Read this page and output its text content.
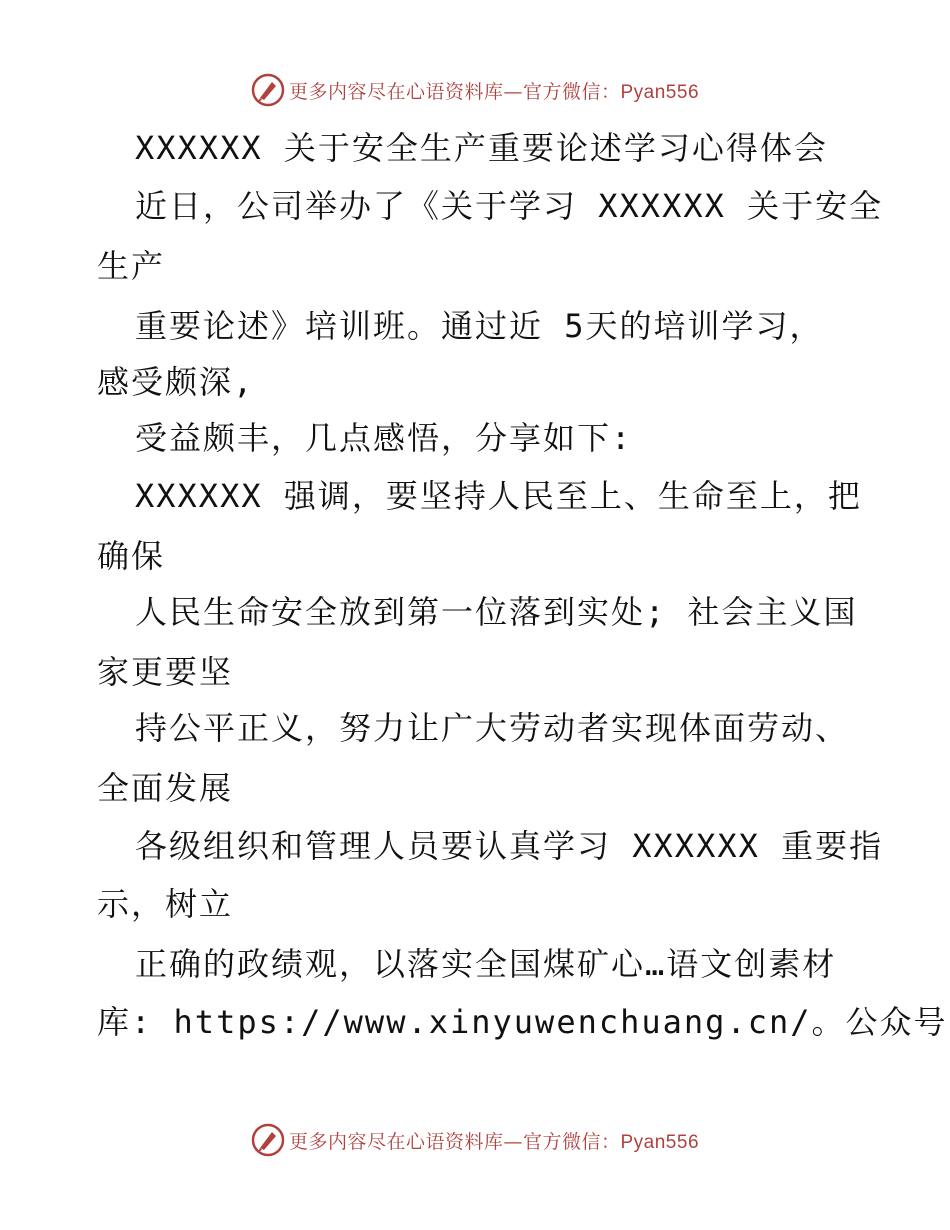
更多内容尽在心语资料库—官方微信：Pyan556
XXXXXX 关于安全生产重要论述学习心得体会
近日，公司举办了《关于学习 XXXXXX 关于安全
生产
重要论述》培训班。通过近 5天的培训学习，
感受颇深,
受益颇丰，几点感悟，分享如下:
XXXXXX 强调，要坚持人民至上、生命至上，把
确保
人民生命安全放到第一位落到实处; 社会主义国
家更要坚
持公平正义，努力让广大劳动者实现体面劳动、
全面发展
各级组织和管理人员要认真学习 XXXXXX 重要指
示，树立
正确的政绩观，以落实全国煤矿心…语文创素材
库: https://www.xinyuwenchuang.cn/。公众号
更多内容尽在心语资料库—官方微信：Pyan556
